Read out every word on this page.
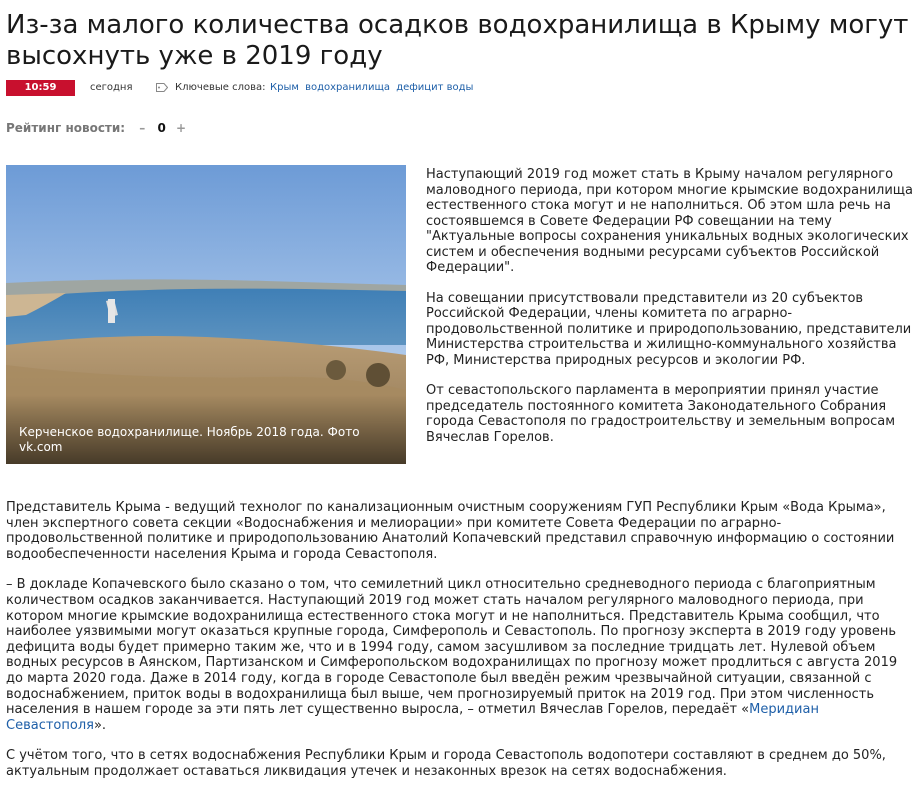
Из-за малого количества осадков водохранилища в Крыму могут высохнуть уже в 2019 году
10:59	сегодня	Ключевые слова: Крым водохранилища дефицит воды
Рейтинг новости: – 0 +
Керченское водохранилище. Ноябрь 2018 года. Фото vk.com

Наступающий 2019 год может стать в Крыму началом регулярного маловодного периода, при котором многие крымские водохранилища естественного стока могут и не наполниться. Об этом шла речь на состоявшемся в Совете Федерации РФ совещании на тему "Актуальные вопросы сохранения уникальных водных экологических систем и обеспечения водными ресурсами субъектов Российской Федерации".

На совещании присутствовали представители из 20 субъектов Российской Федерации, члены комитета по аграрно-продовольственной политике и природопользованию, представители Министерства строительства и жилищно-коммунального хозяйства РФ, Министерства природных ресурсов и экологии РФ.

От севастопольского парламента в мероприятии принял участие председатель постоянного комитета Законодательного Собрания города Севастополя по градостроительству и земельным вопросам Вячеслав Горелов.

Представитель Крыма - ведущий технолог по канализационным очистным сооружениям ГУП Республики Крым «Вода Крыма», член экспертного совета секции «Водоснабжения и мелиорации» при комитете Совета Федерации по аграрно-продовольственной политике и природопользованию Анатолий Копачевский представил справочную информацию о состоянии водообеспеченности населения Крыма и города Севастополя.

– В докладе Копачевского было сказано о том, что семилетний цикл относительно средневодного периода с благоприятным количеством осадков заканчивается. Наступающий 2019 год может стать началом регулярного маловодного периода, при котором многие крымские водохранилища естественного стока могут и не наполниться. Представитель Крыма сообщил, что наиболее уязвимыми могут оказаться крупные города, Симферополь и Севастополь. По прогнозу эксперта в 2019 году уровень дефицита воды будет примерно таким же, что и в 1994 году, самом засушливом за последние тридцать лет. Нулевой объем водных ресурсов в Аянском, Партизанском и Симферопольском водохранилищах по прогнозу может продлиться с августа 2019 до марта 2020 года. Даже в 2014 году, когда в городе Севастополе был введён режим чрезвычайной ситуации, связанной с водоснабжением, приток воды в водохранилища был выше, чем прогнозируемый приток на 2019 год. При этом численность населения в нашем городе за эти пять лет существенно выросла, – отметил Вячеслав Горелов, передаёт «Меридиан Севастополя».

С учётом того, что в сетях водоснабжения Республики Крым и города Севастополь водопотери составляют в среднем до 50%, актуальным продолжает оставаться ликвидация утечек и незаконных врезок на сетях водоснабжения.
